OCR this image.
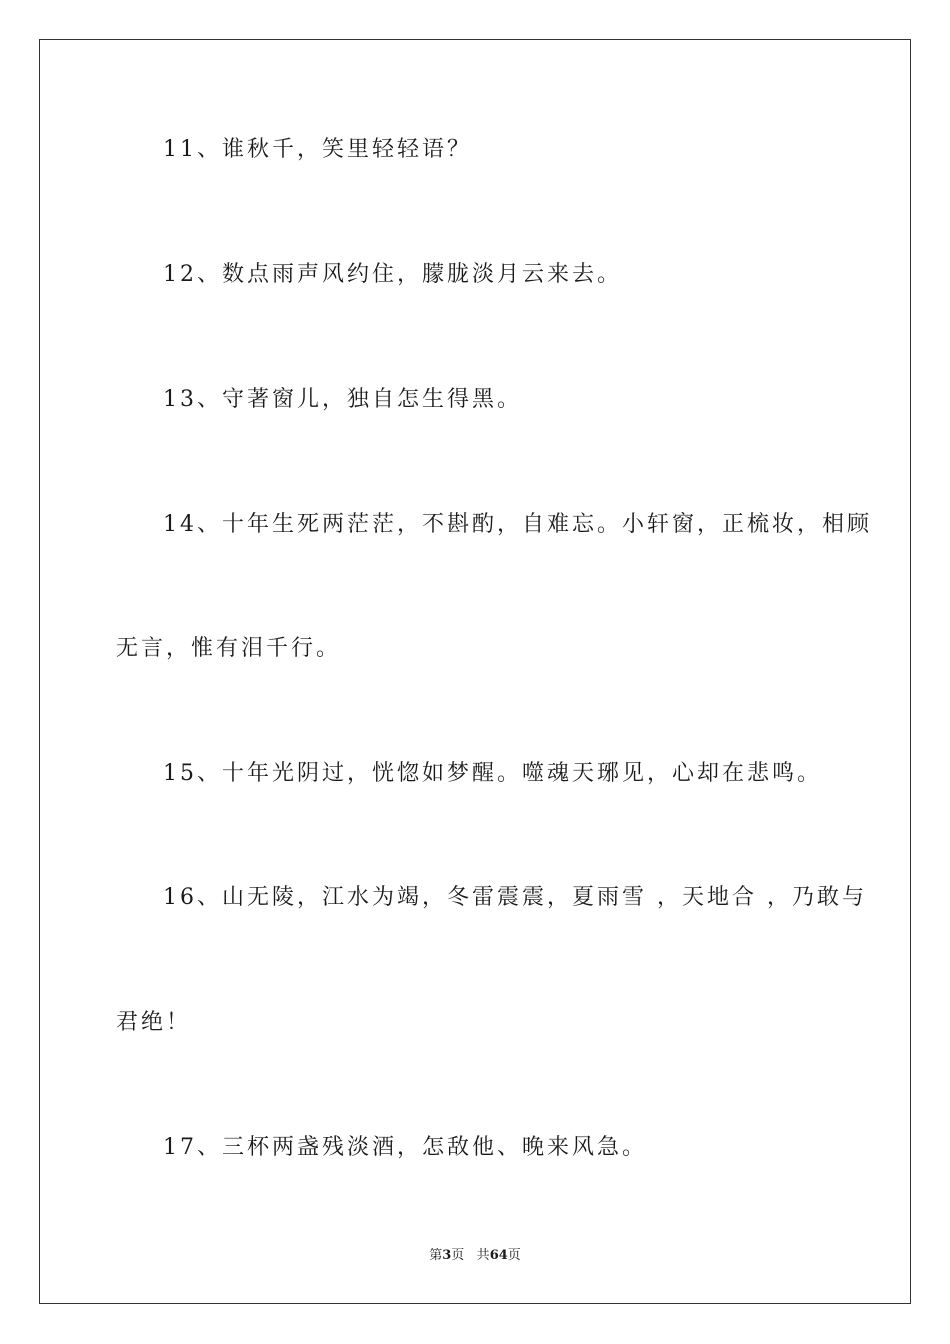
11、谁秋千，笑里轻轻语？
12、数点雨声风约住，朦胧淡月云来去。
13、守著窗儿，独自怎生得黑。
14、十年生死两茫茫，不斟酌，自难忘。小轩窗，正梳妆，相顾
无言，惟有泪千行。
15、十年光阴过，恍惚如梦醒。噬魂天琊见，心却在悲鸣。
16、山无陵，江水为竭，冬雷震震，夏雨雪 ，天地合 ，乃敢与
君绝！
17、三杯两盏残淡酒，怎敌他、晚来风急。
第3页 共64页
